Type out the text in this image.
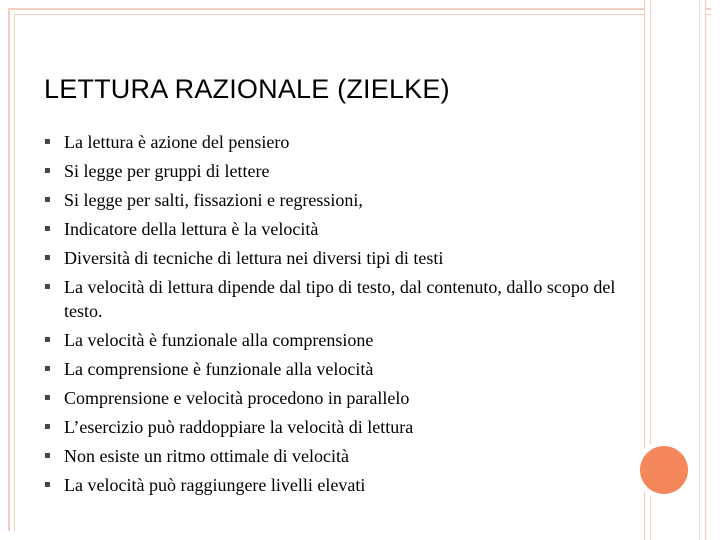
LETTURA RAZIONALE (ZIELKE)
▪ La lettura è azione del pensiero
▪ Si legge per gruppi di lettere
▪ Si legge per salti, fissazioni e regressioni,
▪ Indicatore della lettura è la velocità
▪ Diversità di tecniche di lettura nei diversi tipi di testi
▪ La velocità di lettura dipende dal tipo di testo, dal contenuto, dallo scopo del testo.
▪ La velocità è funzionale alla comprensione
▪ La comprensione è funzionale alla velocità
▪ Comprensione e velocità procedono in parallelo
▪ L’esercizio può raddoppiare la velocità di lettura
▪ Non esiste un ritmo ottimale di velocità
▪ La velocità può raggiungere livelli elevati
